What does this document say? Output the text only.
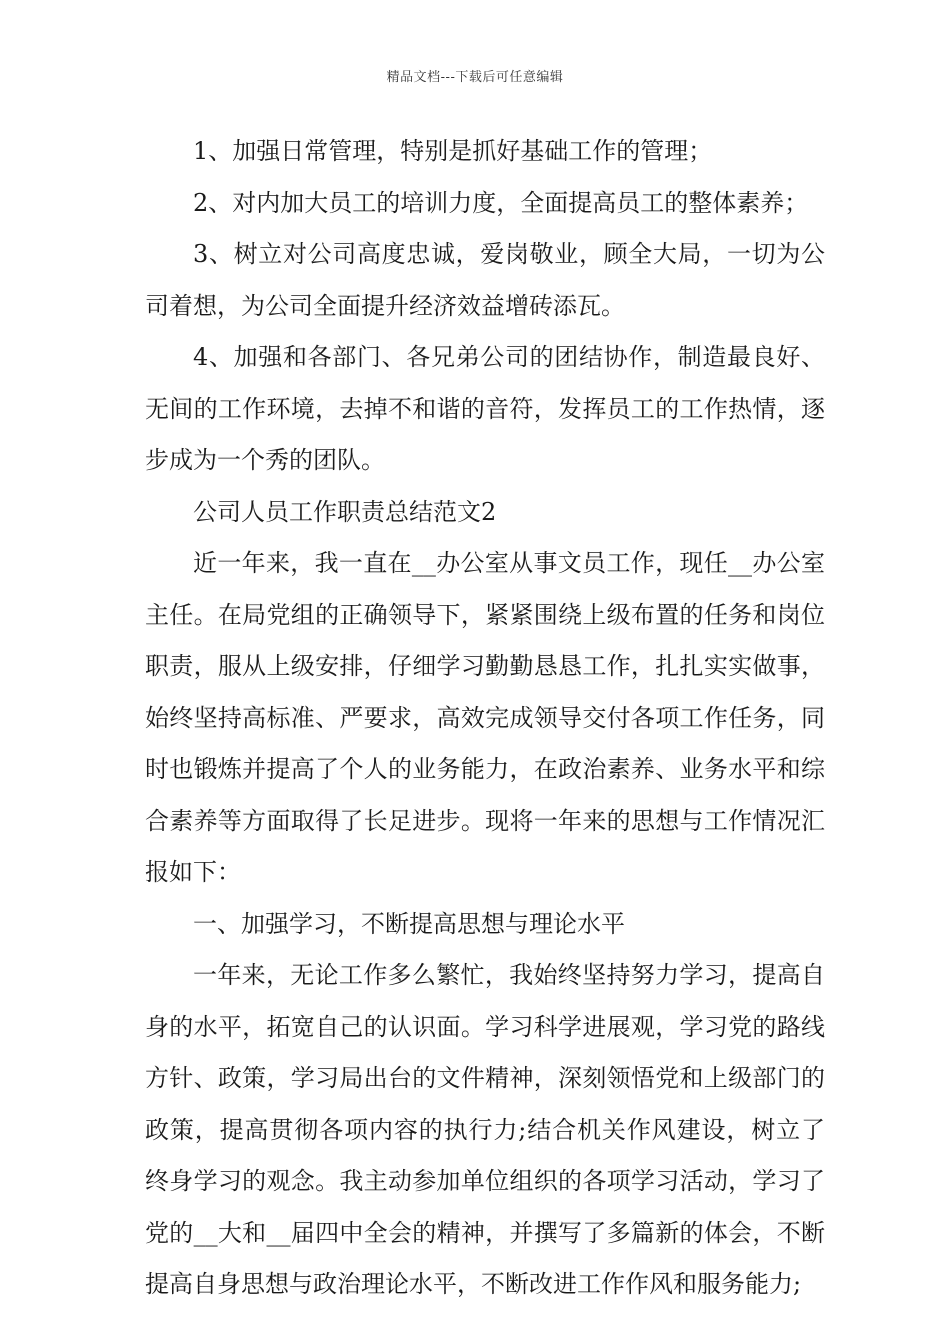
精品文档---下载后可任意编辑

1、加强日常管理，特别是抓好基础工作的管理；

2、对内加大员工的培训力度，全面提高员工的整体素养；

3、树立对公司高度忠诚，爱岗敬业，顾全大局，一切为公司着想，为公司全面提升经济效益增砖添瓦。

4、加强和各部门、各兄弟公司的团结协作，制造最良好、无间的工作环境，去掉不和谐的音符，发挥员工的工作热情，逐步成为一个秀的团队。

公司人员工作职责总结范文2

近一年来，我一直在__办公室从事文员工作，现任__办公室主任。在局党组的正确领导下，紧紧围绕上级布置的任务和岗位职责，服从上级安排，仔细学习勤勤恳恳工作，扎扎实实做事，始终坚持高标准、严要求，高效完成领导交付各项工作任务，同时也锻炼并提高了个人的业务能力，在政治素养、业务水平和综合素养等方面取得了长足进步。现将一年来的思想与工作情况汇报如下：

一、加强学习，不断提高思想与理论水平

一年来，无论工作多么繁忙，我始终坚持努力学习，提高自身的水平，拓宽自己的认识面。学习科学进展观，学习党的路线方针、政策，学习局出台的文件精神，深刻领悟党和上级部门的政策，提高贯彻各项内容的执行力;结合机关作风建设，树立了终身学习的观念。我主动参加单位组织的各项学习活动，学习了党的__大和__届四中全会的精神，并撰写了多篇新的体会，不断提高自身思想与政治理论水平，不断改进工作作风和服务能力;
